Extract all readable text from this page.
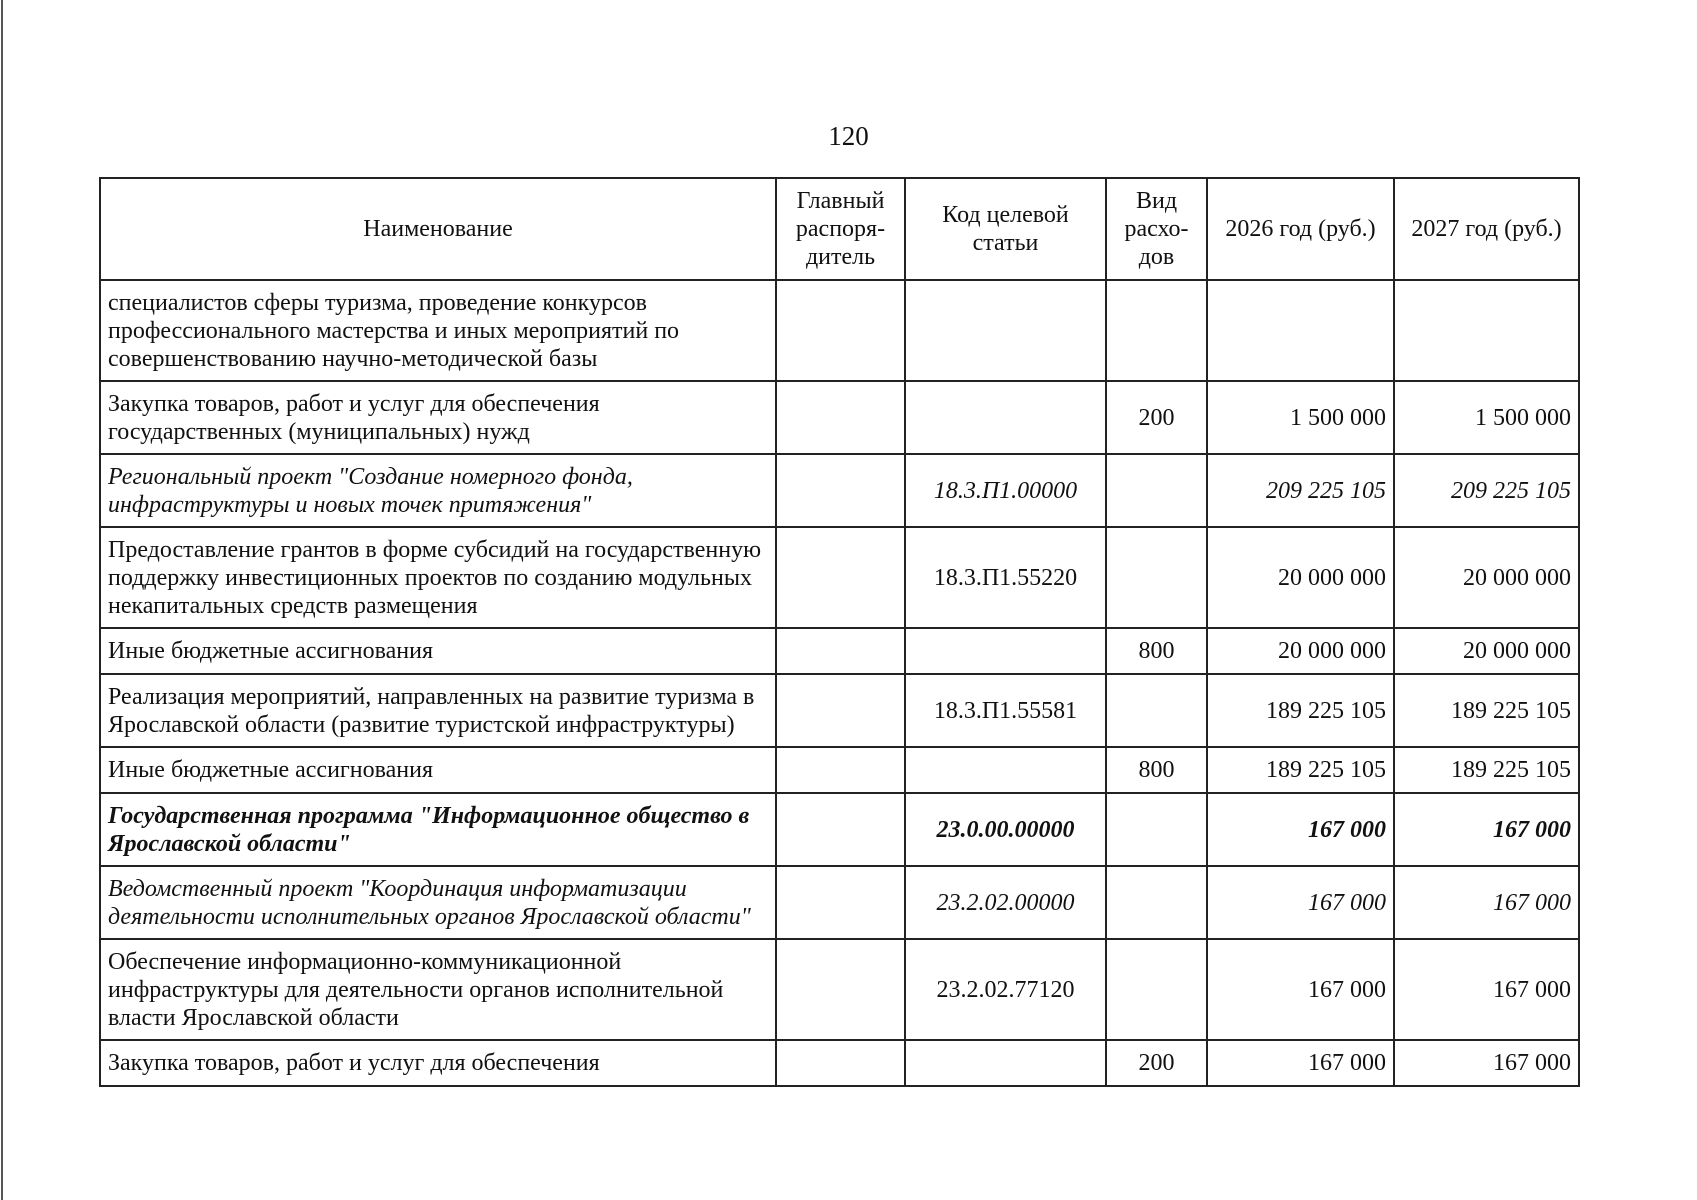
120
Наименование	Главный распоря-дитель	Код целевой статьи	Вид расхо-дов	2026 год (руб.)	2027 год (руб.)
специалистов сферы туризма, проведение конкурсов профессионального мастерства и иных мероприятий по совершенствованию научно-методической базы					
Закупка товаров, работ и услуг для обеспечения государственных (муниципальных) нужд			200	1 500 000	1 500 000
Региональный проект "Создание номерного фонда, инфраструктуры и новых точек притяжения"		18.3.П1.00000		209 225 105	209 225 105
Предоставление грантов в форме субсидий на государственную поддержку инвестиционных проектов по созданию модульных некапитальных средств размещения		18.3.П1.55220		20 000 000	20 000 000
Иные бюджетные ассигнования			800	20 000 000	20 000 000
Реализация мероприятий, направленных на развитие туризма в Ярославской области (развитие туристской инфраструктуры)		18.3.П1.55581		189 225 105	189 225 105
Иные бюджетные ассигнования			800	189 225 105	189 225 105
Государственная программа "Информационное общество в Ярославской области"		23.0.00.00000		167 000	167 000
Ведомственный проект "Координация информатизации деятельности исполнительных органов Ярославской области"		23.2.02.00000		167 000	167 000
Обеспечение информационно-коммуникационной инфраструктуры для деятельности органов исполнительной власти Ярославской области		23.2.02.77120		167 000	167 000
Закупка товаров, работ и услуг для обеспечения			200	167 000	167 000
